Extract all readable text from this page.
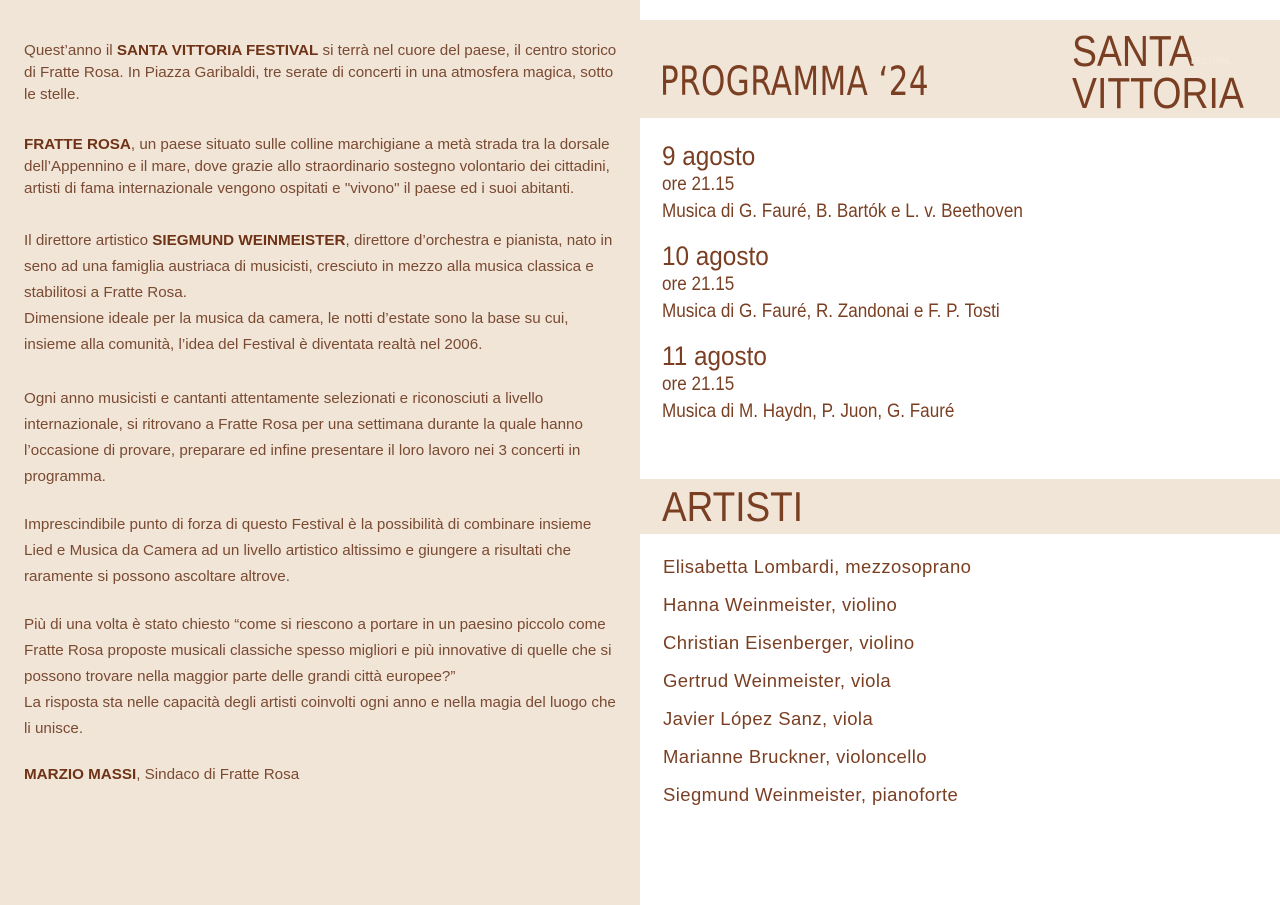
Quest’anno il SANTA VITTORIA FESTIVAL si terrà nel cuore del paese, il centro storico di Fratte Rosa. In Piazza Garibaldi, tre serate di concerti in una atmosfera magica, sotto le stelle.

FRATTE ROSA, un paese situato sulle colline marchigiane a metà strada tra la dorsale dell’Appennino e il mare, dove grazie allo straordinario sostegno volontario dei cittadini, artisti di fama internazionale vengono ospitati e "vivono" il paese ed i suoi abitanti.

Il direttore artistico SIEGMUND WEINMEISTER, direttore d’orchestra e pianista, nato in seno ad una famiglia austriaca di musicisti, cresciuto in mezzo alla musica classica e stabilitosi a Fratte Rosa.
Dimensione ideale per la musica da camera, le notti d’estate sono la base su cui, insieme alla comunità, l’idea del Festival è diventata realtà nel 2006.

Ogni anno musicisti e cantanti attentamente selezionati e riconosciuti a livello internazionale, si ritrovano a Fratte Rosa per una settimana durante la quale hanno l’occasione di provare, preparare ed infine presentare il loro lavoro nei 3 concerti in programma.

Imprescindibile punto di forza di questo Festival è la possibilità di combinare insieme Lied e Musica da Camera ad un livello artistico altissimo e giungere a risultati che raramente si possono ascoltare altrove.

Più di una volta è stato chiesto “come si riescono a portare in un paesino piccolo come Fratte Rosa proposte musicali classiche spesso migliori e più innovative di quelle che si possono trovare nella maggior parte delle grandi città europee?”
La risposta sta nelle capacità degli artisti coinvolti ogni anno e nella magia del luogo che li unisce.

MARZIO MASSI, Sindaco di Fratte Rosa

PROGRAMMA ‘24
SANTA
FESTIVAL
VITTORIA
9 agosto
ore 21.15
Musica di G. Fauré, B. Bartók e L. v. Beethoven
10 agosto
ore 21.15
Musica di G. Fauré, R. Zandonai e F. P. Tosti
11 agosto
ore 21.15
Musica di M. Haydn, P. Juon, G. Fauré
ARTISTI
Elisabetta Lombardi, mezzosoprano
Hanna Weinmeister, violino
Christian Eisenberger, violino
Gertrud Weinmeister, viola
Javier López Sanz, viola
Marianne Bruckner, violoncello
Siegmund Weinmeister, pianoforte
